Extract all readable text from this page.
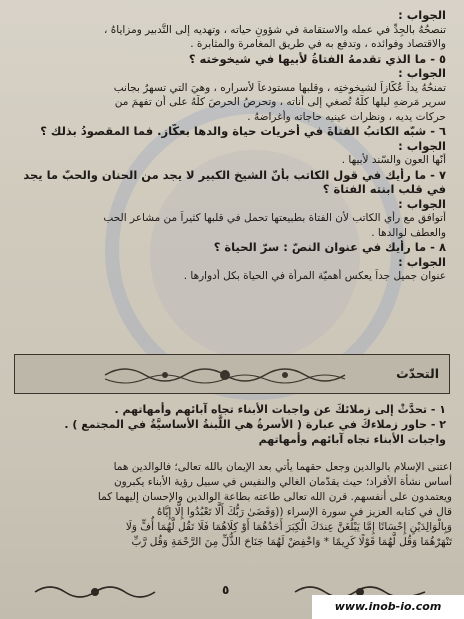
الجواب :
تنصحُهُ بالجِدِّ في عمله والاستقامة في شؤونِ حياته ، وتهديه إلى التَّدبير ومزاياهُ ،
والاقتصاد وفوائده ، وتدفع به في طريق المغامرة والمثابرة .
٥ - ما الذي تقدمهُ الفتاةُ لأبيها في شيخوخته ؟
الجواب :
تمنحُهُ يداً عُكَّازاً لشيخوختِه ، وقلبها مستودعاً لأسراره ، وهيَ التي تسهرُ بجانب
سرير مَرضهِ ليلها كلَّهُ تُصغي إلى أناته ، وتحرصُ الحرصَ كلَّهُ على أن تفهمَ من
حركات يديه ، ونظرات عينيه حاجاته وأغراضهُ .
٦ - شبّه الكاتبُ الفتاةَ في أخريات حياة والدها بعكّاز. فما المقصودُ بذلك ؟
الجواب :
أنّها العون والسّند لأبيها .
٧ - ما رأيك في قول الكاتب بأنّ الشيخ الكبير لا يجد من الحنان والحبّ ما يجد
في قلب ابنته الفتاة ؟
الجواب :
أتوافق مع رأي الكاتب لأن الفتاة بطبيعتها تحمل في قلبها كثيراً من مشاعر الحب
والعطف لوالدها .
٨ - ما رأيك في عنوان النصّ : سرّ الحياة ؟
الجواب :
عنوان جميل جداً يعكس أهميّة المرأة في الحياة بكل أدوارها .
التحدّث
١ - تحدَّثْ إلى زملائكَ عن واجبات الأبناء تجاه آبائهم وأمهاتهم .
٢ - حاور زملاءكَ في عبارة ( الأسرةُ هي اللَّبنةُ الأساسيَّةُ في المجتمع ) .
واجبات الأبناء تجاه آبائهم وأمهاتهم
اعتنى الإسلام بالوالدين وجعل حقهما يأتي بعد الإيمان بالله تعالى؛ فالوالدين هما
أساس نشأة الأفراد؛ حيث يقدّمان الغالي والنفيس في سبيل رؤية الأبناء يكبرون
ويعتمدون على أنفسهم. قرن الله تعالى طاعته بطاعة الوالدين والإحسان إليهما كما
قال في كتابه العزيز في سورة الإسراء ((وَقَضَىٰ رَبُّكَ أَلَّا تَعْبُدُوا إِلَّا إِيَّاهُ
وَبِالْوَالِدَيْنِ إِحْسَانًا إِمَّا يَبْلُغَنَّ عِندَكَ الْكِبَرَ أَحَدُهُمَا أَوْ كِلَاهُمَا فَلَا تَقُل لَّهُمَا أُفٍّ وَلَا
تَنْهَرْهُمَا وَقُل لَّهُمَا قَوْلًا كَرِيمًا * وَاخْفِضْ لَهُمَا جَنَاحَ الذُّلِّ مِنَ الرَّحْمَةِ وَقُل رَّبِّ
٥
www.inob-io.com
